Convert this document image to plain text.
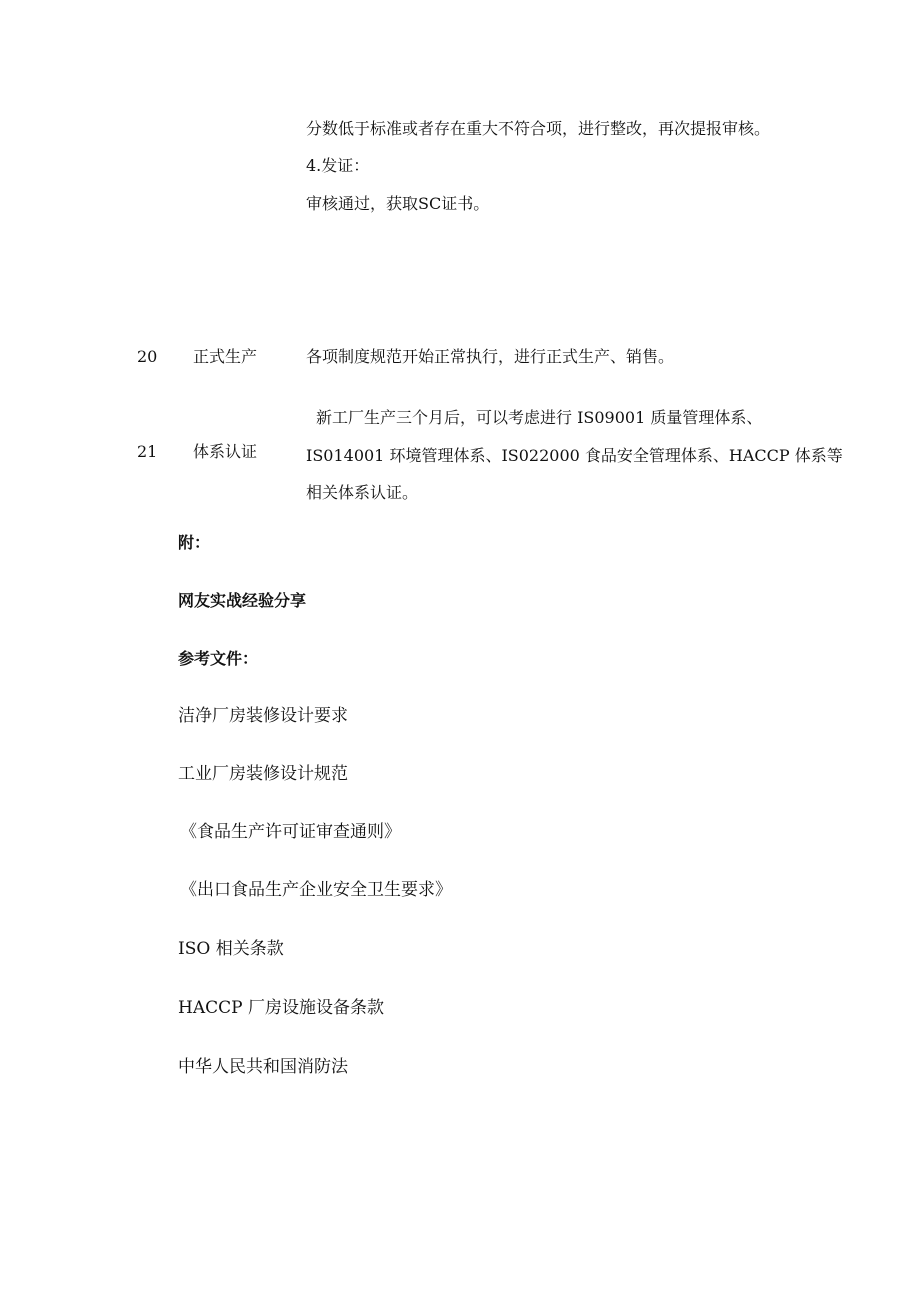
分数低于标准或者存在重大不符合项，进行整改，再次提报审核。
4.发证：
审核通过，获取SC证书。
20 正式生产	各项制度规范开始正常执行，进行正式生产、销售。
21 体系认证
新工厂生产三个月后，可以考虑进行 IS09001 质量管理体系、
IS014001 环境管理体系、IS022000 食品安全管理体系、HACCP 体系等
相关体系认证。
附：
网友实战经验分享
参考文件：
洁净厂房装修设计要求
工业厂房装修设计规范
《食品生产许可证审查通则》
《出口食品生产企业安全卫生要求》
ISO 相关条款
HACCP 厂房设施设备条款
中华人民共和国消防法
